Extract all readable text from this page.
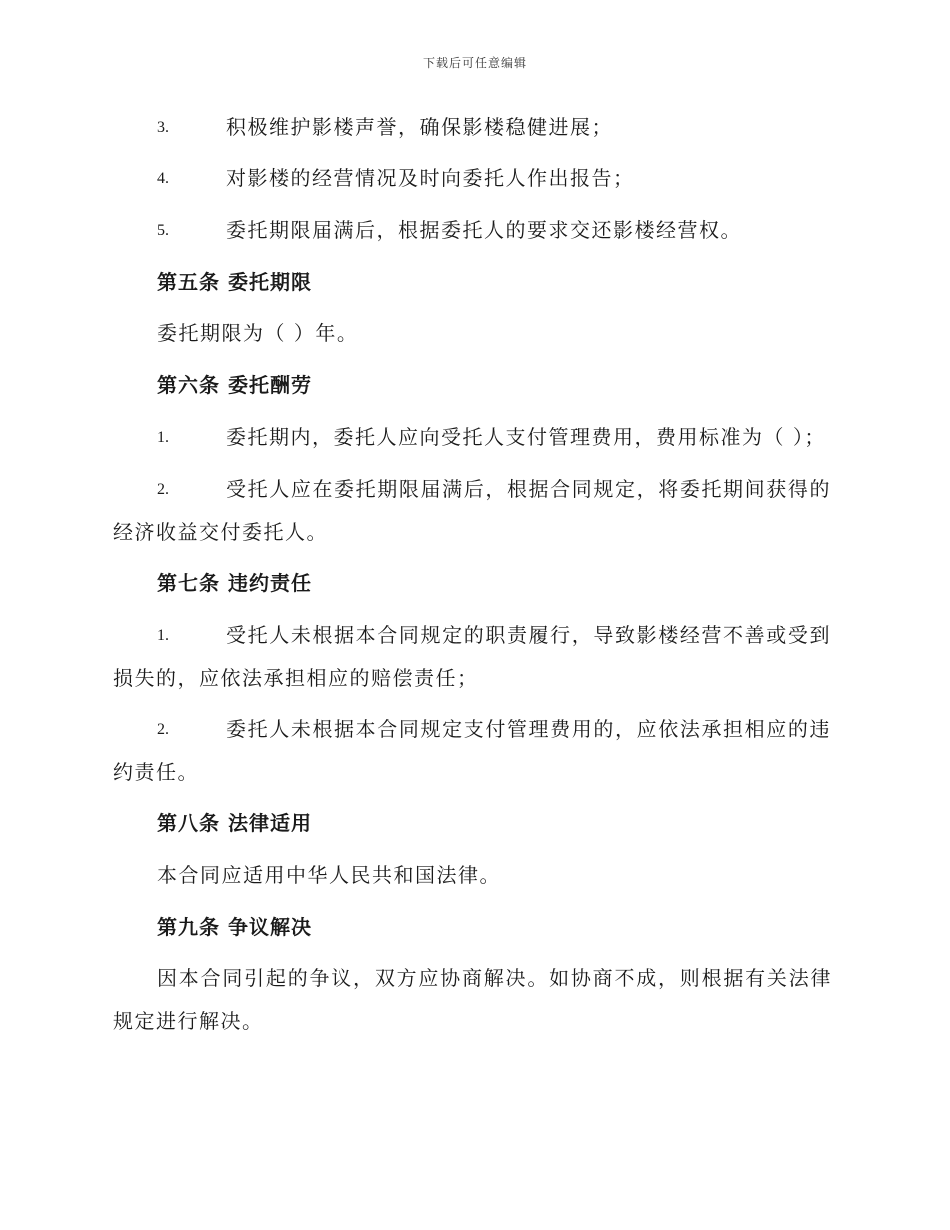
下载后可任意编辑
3.	积极维护影楼声誉，确保影楼稳健进展；
4.	对影楼的经营情况及时向委托人作出报告；
5.	委托期限届满后，根据委托人的要求交还影楼经营权。
第五条 委托期限
委托期限为（ ）年。
第六条 委托酬劳
1.	委托期内，委托人应向受托人支付管理费用，费用标准为（ ）；
2.	受托人应在委托期限届满后，根据合同规定，将委托期间获得的
经济收益交付委托人。
第七条 违约责任
1.	受托人未根据本合同规定的职责履行，导致影楼经营不善或受到
损失的，应依法承担相应的赔偿责任；
2.	委托人未根据本合同规定支付管理费用的，应依法承担相应的违
约责任。
第八条 法律适用
本合同应适用中华人民共和国法律。
第九条 争议解决
因本合同引起的争议，双方应协商解决。如协商不成，则根据有关法律
规定进行解决。
